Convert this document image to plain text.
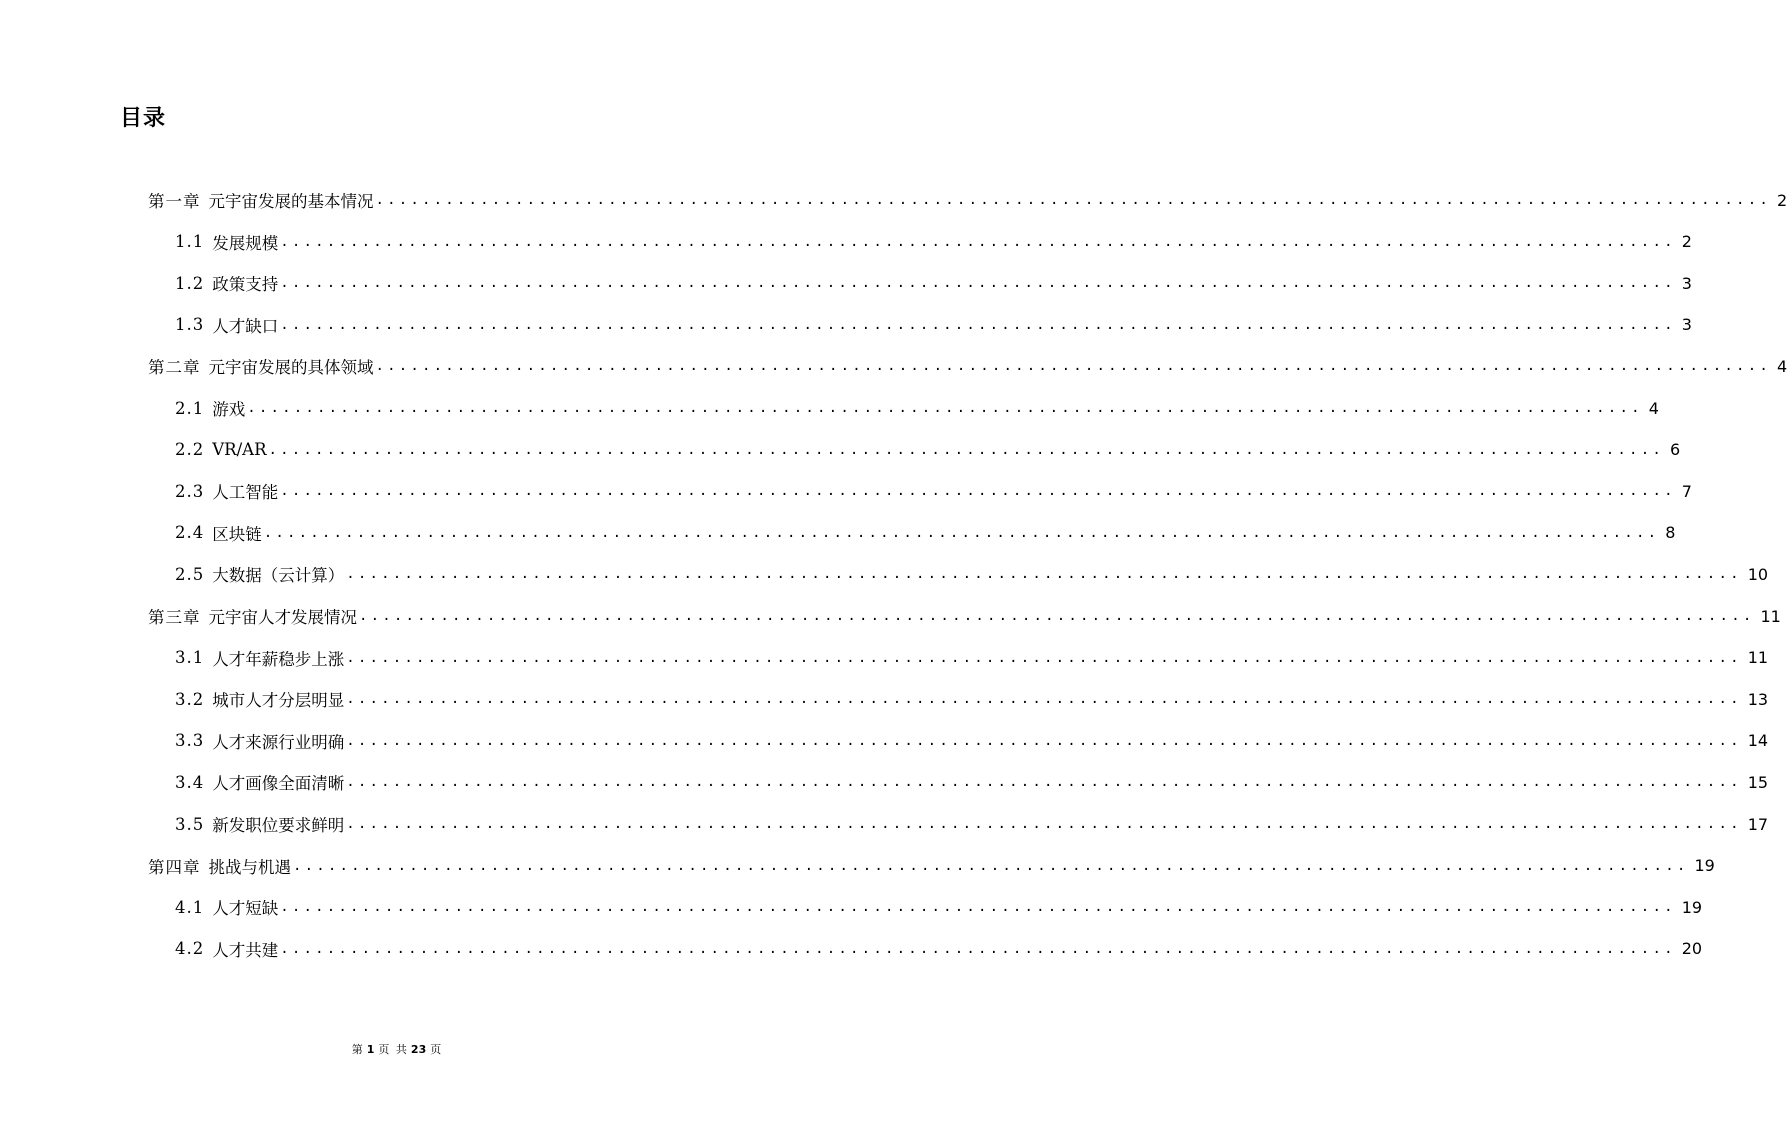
目录
第一章 元宇宙发展的基本情况 ........................................................................................................................ 2
1.1 发展规模 ........................................................................................................................ 2
1.2 政策支持 ........................................................................................................................ 3
1.3 人才缺口 ........................................................................................................................ 3
第二章 元宇宙发展的具体领域 ........................................................................................................................ 4
2.1 游戏 ........................................................................................................................ 4
2.2 VR/AR ........................................................................................................................ 6
2.3 人工智能 ........................................................................................................................ 7
2.4 区块链 ........................................................................................................................ 8
2.5 大数据（云计算） ........................................................................................................................ 10
第三章 元宇宙人才发展情况 ........................................................................................................................ 11
3.1 人才年薪稳步上涨 ........................................................................................................................ 11
3.2 城市人才分层明显 ........................................................................................................................ 13
3.3 人才来源行业明确 ........................................................................................................................ 14
3.4 人才画像全面清晰 ........................................................................................................................ 15
3.5 新发职位要求鲜明 ........................................................................................................................ 17
第四章 挑战与机遇 ........................................................................................................................ 19
4.1 人才短缺 ........................................................................................................................ 19
4.2 人才共建 ........................................................................................................................ 20
第 1 页 共 23 页
